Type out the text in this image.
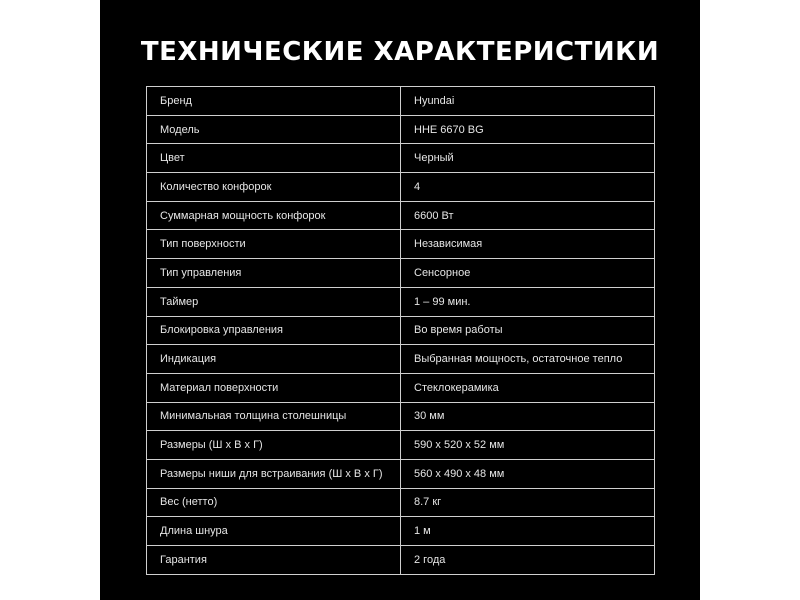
ТЕХНИЧЕСКИЕ ХАРАКТЕРИСТИКИ
Бренд	Hyundai
Модель	HHE 6670 BG
Цвет	Черный
Количество конфорок	4
Суммарная мощность конфорок	6600 Вт
Тип поверхности	Независимая
Тип управления	Сенсорное
Таймер	1 – 99 мин.
Блокировка управления	Во время работы
Индикация	Выбранная мощность, остаточное тепло
Материал поверхности	Стеклокерамика
Минимальная толщина столешницы	30 мм
Размеры (Ш х В х Г)	590 x 520 x 52 мм
Размеры ниши для встраивания (Ш х В х Г)	560 x 490 x 48 мм
Вес (нетто)	8.7 кг
Длина шнура	1 м
Гарантия	2 года
